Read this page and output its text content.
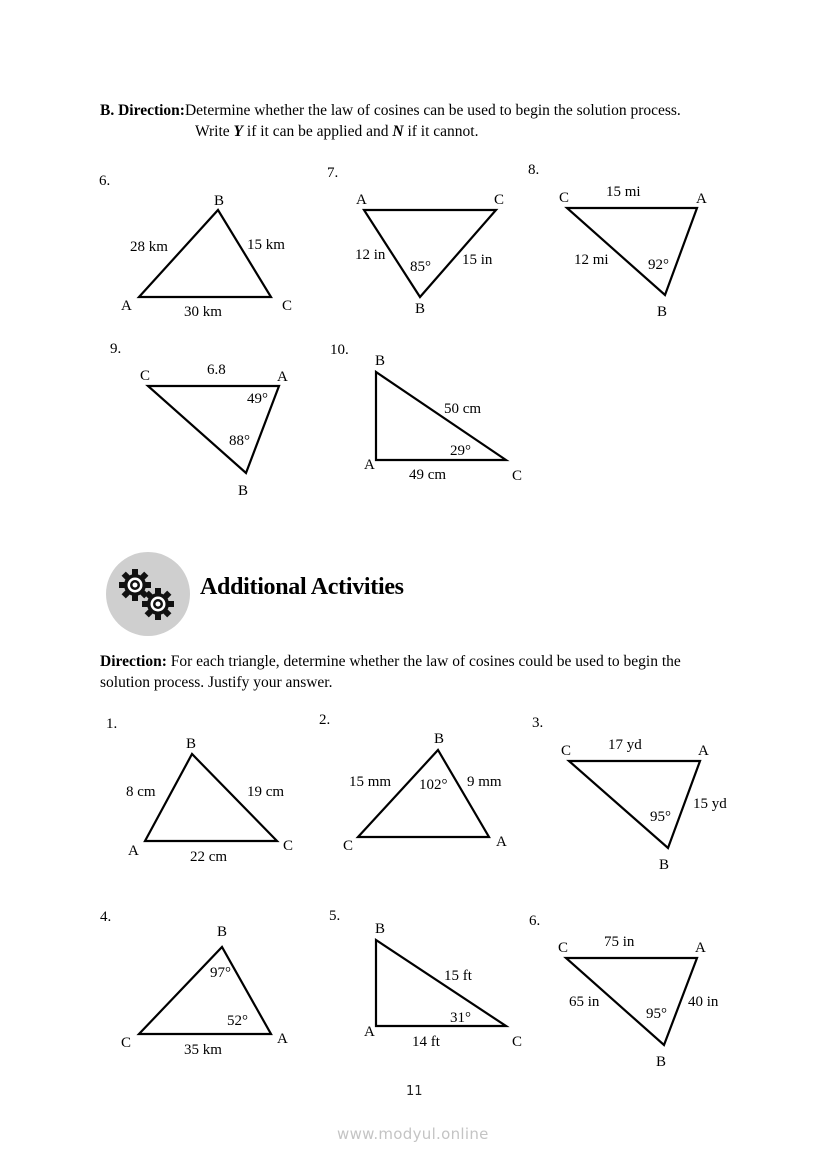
B. Direction:Determine whether the law of cosines can be used to begin the solution process.
Write Y if it can be applied and N if it cannot.
6.
B
A	C
28 km	15 km
30 km
7.
A	C
B
12 in
85° 15 in
8.
C	A
B
15 mi
12 mi	92°
9.
C	A
B
6.8
49°
88°
10.
B
A
C
50 cm
29°
49 cm
Additional Activities
Direction: For each triangle, determine whether the law of cosines could be used to begin the
solution process. Justify your answer.
1.
B
A	C
8 cm	19 cm
22 cm
2.
B
C	A
15 mm 102° 9 mm
3.
C	A
B
17 yd
15 yd
95°
4.
B
C	A
97°
52°
35 km
5.
B
A
C
15 ft
31°
14 ft
6.
C	A
B
75 in
65 in	40 in
95°
11
www.modyul.online
